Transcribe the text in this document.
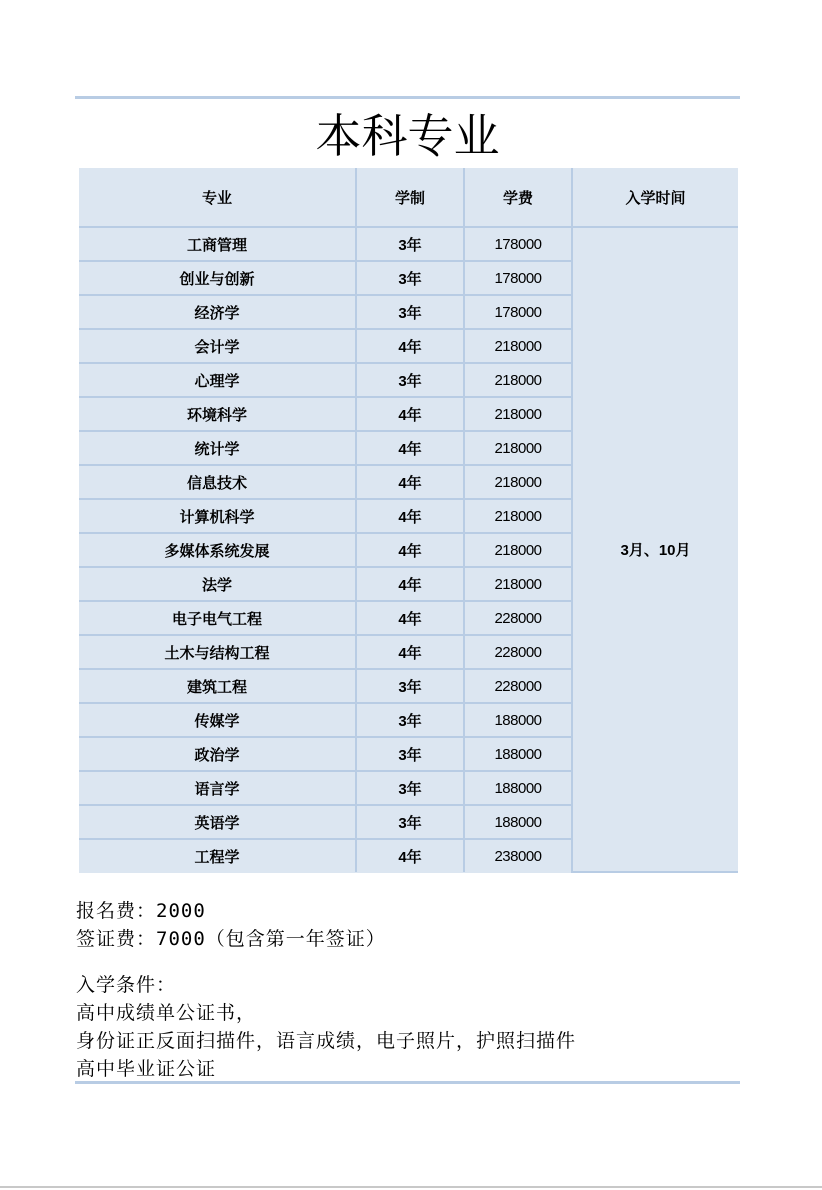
本科专业
专业	学制	学费	入学时间
工商管理	3年	178000	3月、10月
创业与创新	3年	178000	
经济学	3年	178000	
会计学	4年	218000	
心理学	3年	218000	
环境科学	4年	218000	
统计学	4年	218000	
信息技术	4年	218000	
计算机科学	4年	218000	
多媒体系统发展	4年	218000	
法学	4年	218000	
电子电气工程	4年	228000	
土木与结构工程	4年	228000	
建筑工程	3年	228000	
传媒学	3年	188000	
政治学	3年	188000	
语言学	3年	188000	
英语学	3年	188000	
工程学	4年	238000	
报名费：2000
签证费：7000（包含第一年签证）
入学条件：
高中成绩单公证书，
身份证正反面扫描件，语言成绩，电子照片，护照扫描件
高中毕业证公证
